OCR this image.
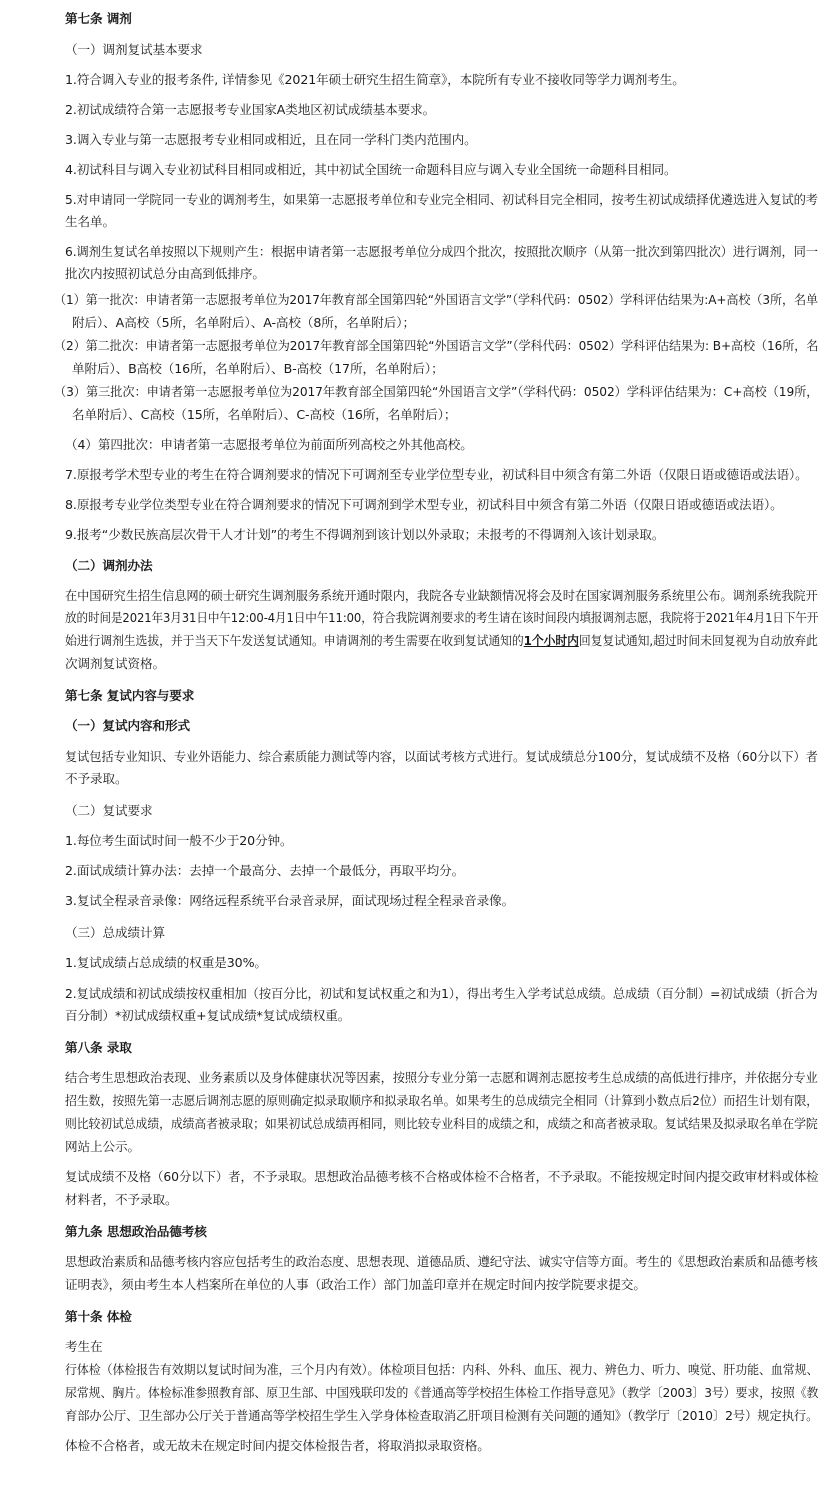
第七条 调剂
（一）调剂复试基本要求
1.符合调入专业的报考条件, 详情参见《2021年硕士研究生招生简章》，本院所有专业不接收同等学力调剂考生。
2.初试成绩符合第一志愿报考专业国家A类地区初试成绩基本要求。
3.调入专业与第一志愿报考专业相同或相近，且在同一学科门类内范围内。
4.初试科目与调入专业初试科目相同或相近，其中初试全国统一命题科目应与调入专业全国统一命题科目相同。
5.对申请同一学院同一专业的调剂考生，如果第一志愿报考单位和专业完全相同、初试科目完全相同，按考生初试成绩择优遴选进入复试的考
生名单。
6.调剂生复试名单按照以下规则产生：根据申请者第一志愿报考单位分成四个批次，按照批次顺序（从第一批次到第四批次）进行调剂，同一
批次内按照初试总分由高到低排序。
（1）第一批次：申请者第一志愿报考单位为2017年教育部全国第四轮“外国语言文学”（学科代码：0502）学科评估结果为:A+高校（3所，名单
附后）、A高校（5所，名单附后）、A-高校（8所，名单附后）；
（2）第二批次：申请者第一志愿报考单位为2017年教育部全国第四轮“外国语言文学”（学科代码：0502）学科评估结果为: B+高校（16所，名
单附后）、B高校（16所，名单附后）、B-高校（17所，名单附后）；
（3）第三批次：申请者第一志愿报考单位为2017年教育部全国第四轮“外国语言文学”（学科代码：0502）学科评估结果为：C+高校（19所，
名单附后）、C高校（15所，名单附后）、C-高校（16所，名单附后）；
（4）第四批次：申请者第一志愿报考单位为前面所列高校之外其他高校。
7.原报考学术型专业的考生在符合调剂要求的情况下可调剂至专业学位型专业，初试科目中须含有第二外语（仅限日语或德语或法语）。
8.原报考专业学位类型专业在符合调剂要求的情况下可调剂到学术型专业，初试科目中须含有第二外语（仅限日语或德语或法语）。
9.报考“少数民族高层次骨干人才计划”的考生不得调剂到该计划以外录取；未报考的不得调剂入该计划录取。
（二）调剂办法
在中国研究生招生信息网的硕士研究生调剂服务系统开通时限内，我院各专业缺额情况将会及时在国家调剂服务系统里公布。调剂系统我院开
放的时间是2021年3月31日中午12:00-4月1日中午11:00，符合我院调剂要求的考生请在该时间段内填报调剂志愿，我院将于2021年4月1日下午开
始进行调剂生选拔，并于当天下午发送复试通知。申请调剂的考生需要在收到复试通知的1个小时内回复复试通知,超过时间未回复视为自动放弃此
次调剂复试资格。
第七条 复试内容与要求
（一）复试内容和形式
复试包括专业知识、专业外语能力、综合素质能力测试等内容，以面试考核方式进行。复试成绩总分100分，复试成绩不及格（60分以下）者
不予录取。
（二）复试要求
1.每位考生面试时间一般不少于20分钟。
2.面试成绩计算办法：去掉一个最高分、去掉一个最低分，再取平均分。
3.复试全程录音录像：网络远程系统平台录音录屏，面试现场过程全程录音录像。
（三）总成绩计算
1.复试成绩占总成绩的权重是30%。
2.复试成绩和初试成绩按权重相加（按百分比，初试和复试权重之和为1），得出考生入学考试总成绩。总成绩（百分制）=初试成绩（折合为
百分制）*初试成绩权重+复试成绩*复试成绩权重。
第八条 录取
结合考生思想政治表现、业务素质以及身体健康状况等因素，按照分专业分第一志愿和调剂志愿按考生总成绩的高低进行排序，并依据分专业
招生数，按照先第一志愿后调剂志愿的原则确定拟录取顺序和拟录取名单。如果考生的总成绩完全相同（计算到小数点后2位）而招生计划有限，
则比较初试总成绩，成绩高者被录取；如果初试总成绩再相同，则比较专业科目的成绩之和，成绩之和高者被录取。复试结果及拟录取名单在学院
网站上公示。
复试成绩不及格（60分以下）者，不予录取。思想政治品德考核不合格或体检不合格者，不予录取。不能按规定时间内提交政审材料或体检
材料者，不予录取。
第九条 思想政治品德考核
思想政治素质和品德考核内容应包括考生的政治态度、思想表现、道德品质、遵纪守法、诚实守信等方面。考生的《思想政治素质和品德考核
证明表》，须由考生本人档案所在单位的人事（政治工作）部门加盖印章并在规定时间内按学院要求提交。
第十条 体检
考生在
行体检（体检报告有效期以复试时间为准，三个月内有效）。体检项目包括：内科、外科、血压、视力、辨色力、听力、嗅觉、肝功能、血常规、
尿常规、胸片。体检标准参照教育部、原卫生部、中国残联印发的《普通高等学校招生体检工作指导意见》（教学〔2003〕3号）要求，按照《教
育部办公厅、卫生部办公厅关于普通高等学校招生学生入学身体检查取消乙肝项目检测有关问题的通知》（教学厅〔2010〕2号）规定执行。
体检不合格者，或无故未在规定时间内提交体检报告者，将取消拟录取资格。
